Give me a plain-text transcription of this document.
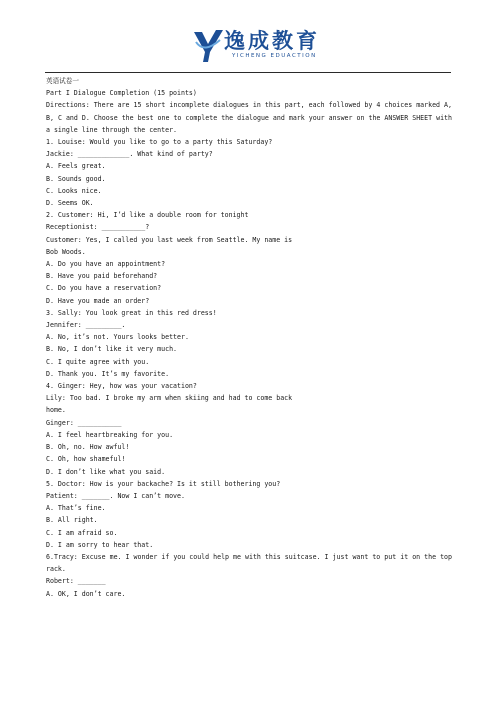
逸成教育
YICHENG EDUACTION
英语试卷一
Part I Dialogue Completion (15 points)
Directions: There are 15 short incomplete dialogues in this part, each followed by 4 choices marked A, B, C and D. Choose the best one to complete the dialogue and mark your answer on the ANSWER SHEET with a single line through the center.
1. Louise: Would you like to go to a party this Saturday?
Jackie: _____________. What kind of party?
A. Feels great.
B. Sounds good.
C. Looks nice.
D. Seems OK.
2. Customer: Hi, I’d like a double room for tonight
Receptionist: ___________?
Customer: Yes, I called you last week from Seattle. My name is
Bob Woods.
A. Do you have an appointment?
B. Have you paid beforehand?
C. Do you have a reservation?
D. Have you made an order?
3. Sally: You look great in this red dress!
Jennifer: _________.
A. No, it’s not. Yours looks better.
B. No, I don’t like it very much.
C. I quite agree with you.
D. Thank you. It’s my favorite.
4. Ginger: Hey, how was your vacation?
Lily: Too bad. I broke my arm when skiing and had to come back
home.
Ginger: ___________
A. I feel heartbreaking for you.
B. Oh, no. How awful!
C. Oh, how shameful!
D. I don’t like what you said.
5. Doctor: How is your backache? Is it still bothering you?
Patient: _______. Now I can’t move.
A. That’s fine.
B. All right.
C. I am afraid so.
D. I am sorry to hear that.
6.Tracy: Excuse me. I wonder if you could help me with this suitcase. I just want to put it on the top rack.
Robert: _______
A. OK, I don’t care.
